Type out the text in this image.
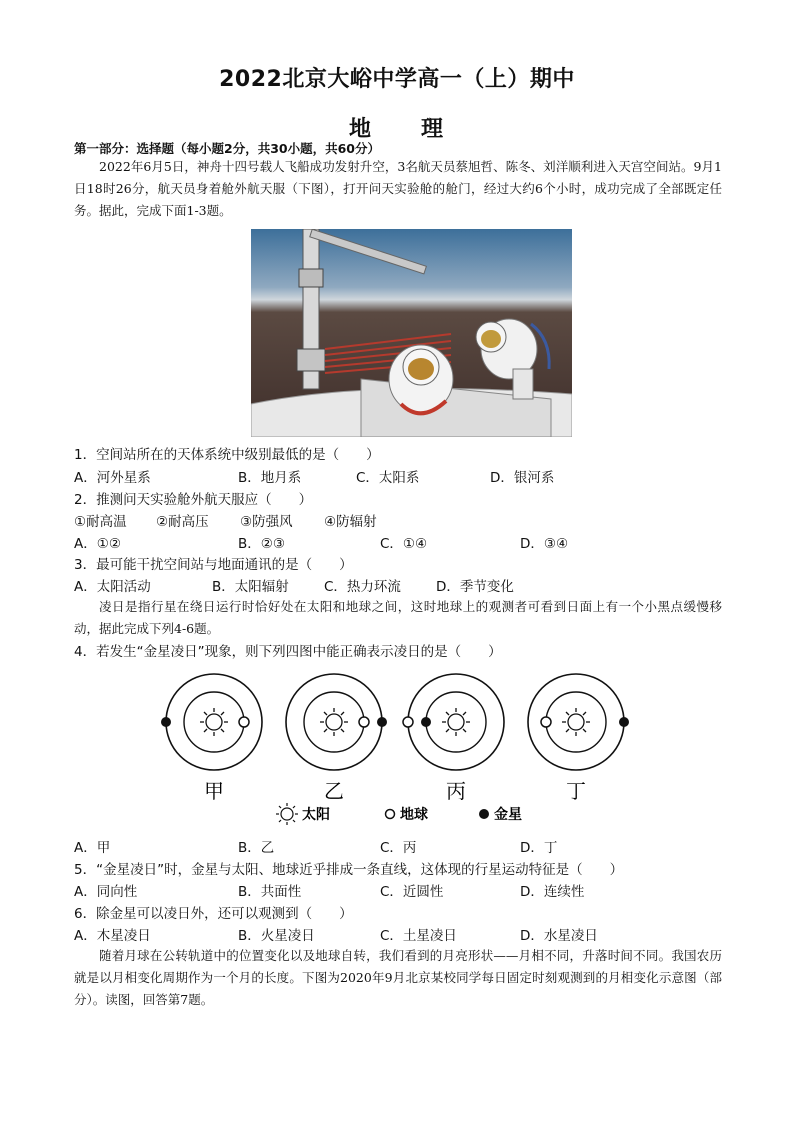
2022北京大峪中学高一（上）期中
地　　理
第一部分：选择题（每小题2分，共30小题，共60分）
2022年6月5日，神舟十四号载人飞船成功发射升空，3名航天员蔡旭哲、陈冬、刘洋顺利进入天宫空间站。9月1日18时26分，航天员身着舱外航天服（下图），打开问天实验舱的舱门，经过大约6个小时，成功完成了全部既定任务。据此，完成下面1-3题。
1．空间站所在的天体系统中级别最低的是（　　）
A．河外星系	B．地月系	C．太阳系	D．银河系
2．推测问天实验舱外航天服应（　　）
①耐高温 ②耐高压 ③防强风 ④防辐射
A．①②	B．②③	C．①④	D．③④
3．最可能干扰空间站与地面通讯的是（　　）
A．太阳活动	B．太阳辐射	C．热力环流	D．季节变化
凌日是指行星在绕日运行时恰好处在太阳和地球之间，这时地球上的观测者可看到日面上有一个小黑点缓慢移动，据此完成下列4-6题。
4．若发生“金星凌日”现象，则下列四图中能正确表示凌日的是（　　）
甲	乙	丙	丁
太阳	地球	金星
A．甲	B．乙	C．丙	D．丁
5．“金星凌日”时，金星与太阳、地球近乎排成一条直线，这体现的行星运动特征是（　　）
A．同向性	B．共面性	C．近圆性	D．连续性
6．除金星可以凌日外，还可以观测到（　　）
A．木星凌日	B．火星凌日	C．土星凌日	D．水星凌日
随着月球在公转轨道中的位置变化以及地球自转，我们看到的月亮形状——月相不同，升落时间不同。我国农历就是以月相变化周期作为一个月的长度。下图为2020年9月北京某校同学每日固定时刻观测到的月相变化示意图（部分）。读图，回答第7题。
